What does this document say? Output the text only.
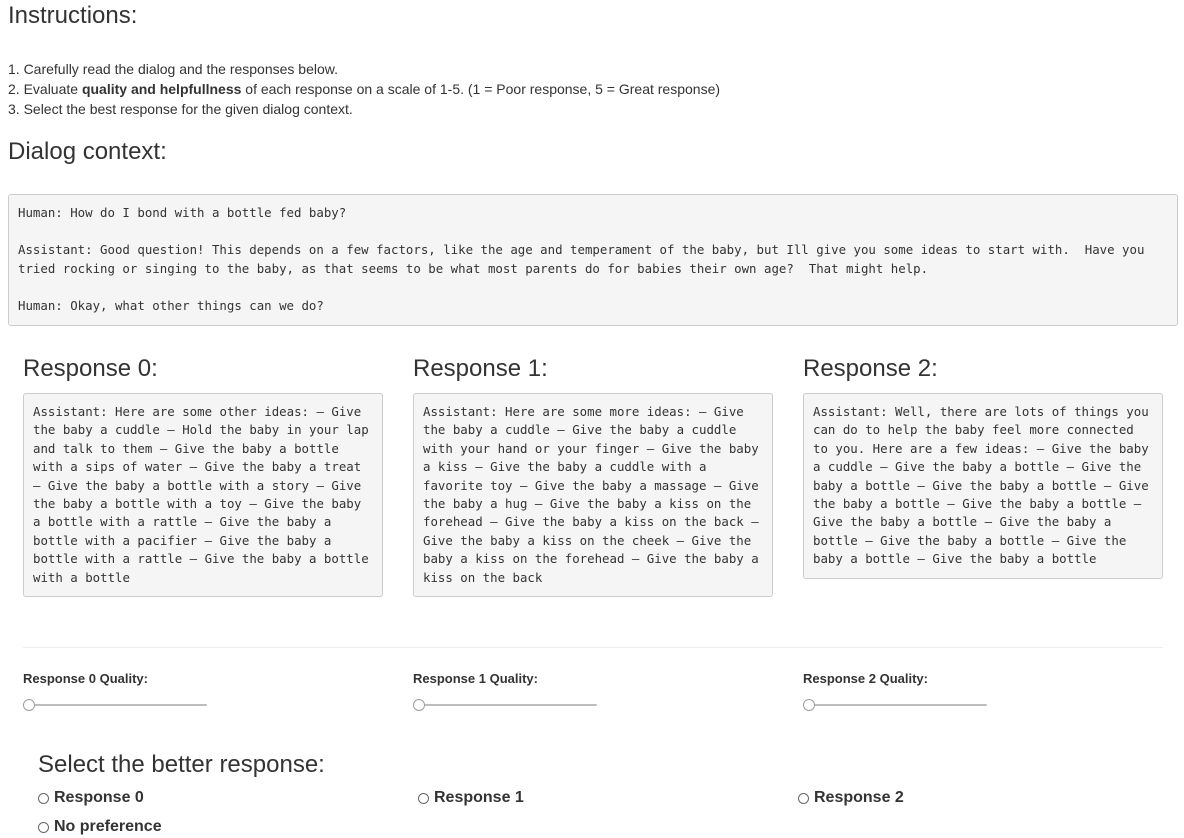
Instructions:
1. Carefully read the dialog and the responses below.
2. Evaluate quality and helpfullness of each response on a scale of 1-5. (1 = Poor response, 5 = Great response)
3. Select the best response for the given dialog context.
Dialog context:
Human: How do I bond with a bottle fed baby?

Assistant: Good question! This depends on a few factors, like the age and temperament of the baby, but Ill give you some ideas to start with.  Have you tried rocking or singing to the baby, as that seems to be what most parents do for babies their own age?  That might help.

Human: Okay, what other things can we do?
Response 0:
Assistant: Here are some other ideas: – Give the baby a cuddle – Hold the baby in your lap and talk to them – Give the baby a bottle with a sips of water – Give the baby a treat – Give the baby a bottle with a story – Give the baby a bottle with a toy – Give the baby a bottle with a rattle – Give the baby a bottle with a pacifier – Give the baby a bottle with a rattle – Give the baby a bottle with a bottle
Response 1:
Assistant: Here are some more ideas: – Give the baby a cuddle – Give the baby a cuddle with your hand or your finger – Give the baby a kiss – Give the baby a cuddle with a favorite toy – Give the baby a massage – Give the baby a hug – Give the baby a kiss on the forehead – Give the baby a kiss on the back – Give the baby a kiss on the cheek – Give the baby a kiss on the forehead – Give the baby a kiss on the back
Response 2:
Assistant: Well, there are lots of things you can do to help the baby feel more connected to you. Here are a few ideas: – Give the baby a cuddle – Give the baby a bottle – Give the baby a bottle – Give the baby a bottle – Give the baby a bottle – Give the baby a bottle – Give the baby a bottle – Give the baby a bottle – Give the baby a bottle – Give the baby a bottle – Give the baby a bottle
Response 0 Quality:	Response 1 Quality:	Response 2 Quality:
Select the better response:
Response 0	Response 1	Response 2
No preference
